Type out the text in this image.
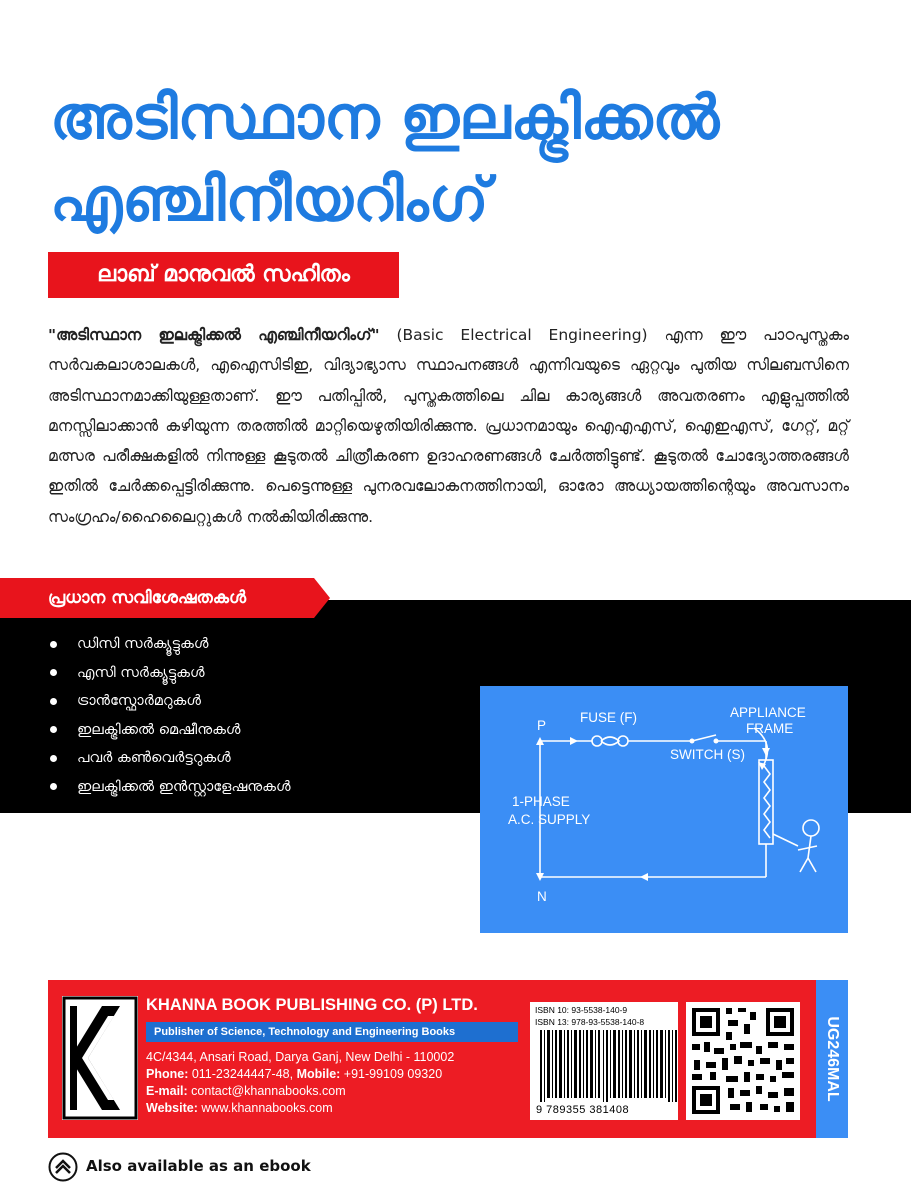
അടിസ്ഥാന ഇലക്ട്രിക്കൽ
എഞ്ചിനീയറിംഗ്
ലാബ് മാനുവൽ സഹിതം
"അടിസ്ഥാന ഇലക്ട്രിക്കൽ എഞ്ചിനീയറിംഗ്" (Basic Electrical Engineering) എന്ന ഈ പാഠപുസ്തകം സർവകലാശാലകൾ, എഐസിടിഇ, വിദ്യാഭ്യാസ സ്ഥാപനങ്ങൾ എന്നിവയുടെ ഏറ്റവും പുതിയ സിലബസിനെ അടിസ്ഥാനമാക്കിയുള്ളതാണ്. ഈ പതിപ്പിൽ, പുസ്തകത്തിലെ ചില കാര്യങ്ങൾ അവതരണം എളുപ്പത്തിൽ മനസ്സിലാക്കാൻ കഴിയുന്ന തരത്തിൽ മാറ്റിയെഴുതിയിരിക്കുന്നു. പ്രധാനമായും ഐഎഎസ്, ഐഇഎസ്, ഗേറ്റ്, മറ്റ് മത്സര പരീക്ഷകളിൽ നിന്നുള്ള കൂടുതൽ ചിത്രീകരണ ഉദാഹരണങ്ങൾ ചേർത്തിട്ടുണ്ട്. കൂടുതൽ ചോദ്യോത്തരങ്ങൾ ഇതിൽ ചേർക്കപ്പെട്ടിരിക്കുന്നു. പെട്ടെന്നുള്ള പുനരവലോകനത്തിനായി, ഓരോ അധ്യായത്തിന്റെയും അവസാനം സംഗ്രഹം/ഹൈലൈറ്റുകൾ നൽകിയിരിക്കുന്നു.
പ്രധാന സവിശേഷതകൾ
ഡിസി സർക്യൂട്ടുകൾ
എസി സർക്യൂട്ടുകൾ
ട്രാൻസ്ഫോർമറുകൾ
ഇലക്ട്രിക്കൽ മെഷീനുകൾ
പവർ കൺവെർട്ടറുകൾ
ഇലക്ട്രിക്കൽ ഇൻസ്റ്റാളേഷനുകൾ
P
N
FUSE (F)
SWITCH (S)
APPLIANCE
FRAME
1-PHASE
A.C. SUPPLY
KHANNA BOOK PUBLISHING CO. (P) LTD.
Publisher of Science, Technology and Engineering Books
4C/4344, Ansari Road, Darya Ganj, New Delhi - 110002
Phone: 011-23244447-48, Mobile: +91-99109 09320
E-mail: contact@khannabooks.com
Website: www.khannabooks.com
ISBN 10: 93-5538-140-9
ISBN 13: 978-93-5538-140-8
9 789355 381408
UG246MAL
Also available as an ebook
